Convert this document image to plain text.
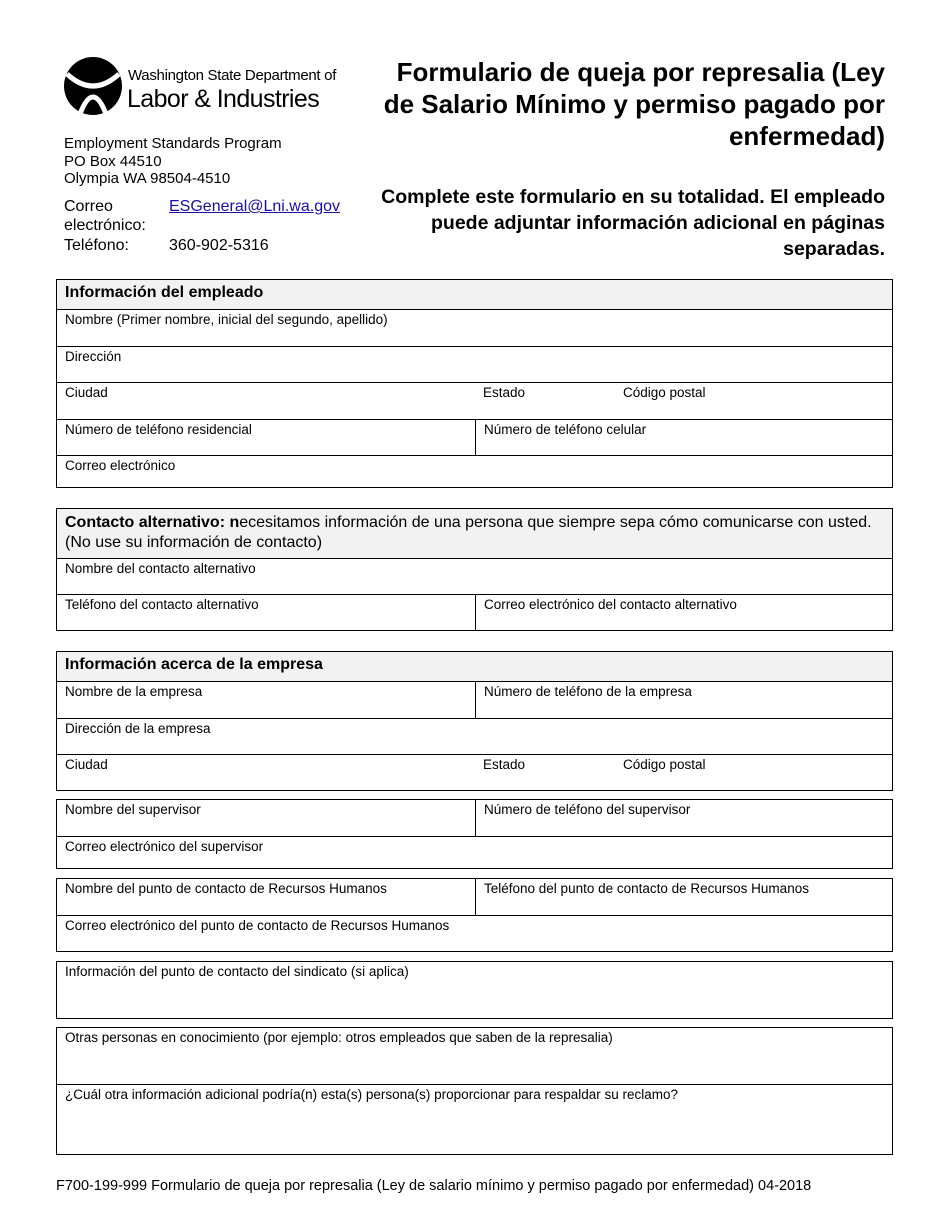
Washington State Department of
Labor & Industries
Employment Standards Program
PO Box 44510
Olympia WA 98504-4510
Correo
electrónico:
ESGeneral@Lni.wa.gov
Teléfono:	360-902-5316
Formulario de queja por represalia (Ley de Salario Mínimo y permiso pagado por enfermedad)
Complete este formulario en su totalidad. El empleado puede adjuntar información adicional en páginas separadas.
Información del empleado
Nombre (Primer nombre, inicial del segundo, apellido)
Dirección
Ciudad	Estado	Código postal
Número de teléfono residencial	Número de teléfono celular
Correo electrónico
Contacto alternativo: necesitamos información de una persona que siempre sepa cómo comunicarse con usted. (No use su información de contacto)
Nombre del contacto alternativo
Teléfono del contacto alternativo	Correo electrónico del contacto alternativo
Información acerca de la empresa
Nombre de la empresa	Número de teléfono de la empresa
Dirección de la empresa
Ciudad	Estado	Código postal
Nombre del supervisor	Número de teléfono del supervisor
Correo electrónico del supervisor
Nombre del punto de contacto de Recursos Humanos	Teléfono del punto de contacto de Recursos Humanos
Correo electrónico del punto de contacto de Recursos Humanos
Información del punto de contacto del sindicato (si aplica)
Otras personas en conocimiento (por ejemplo: otros empleados que saben de la represalia)
¿Cuál otra información adicional podría(n) esta(s) persona(s) proporcionar para respaldar su reclamo?
F700-199-999 Formulario de queja por represalia (Ley de salario mínimo y permiso pagado por enfermedad) 04-2018
